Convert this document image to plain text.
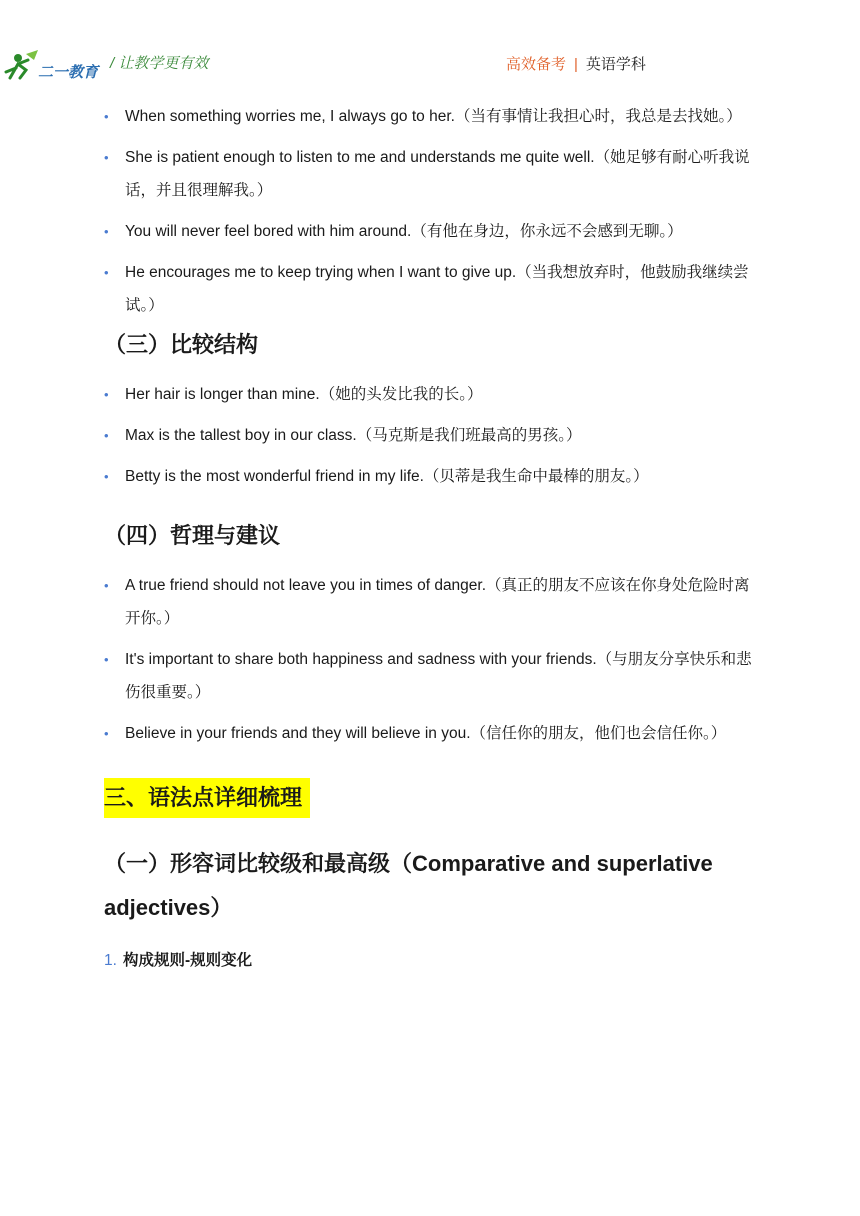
二一教育 / 让教学更有效	高效备考 | 英语学科
• When something worries me, I always go to her.（当有事情让我担心时，我总是去找她。）
• She is patient enough to listen to me and understands me quite well.（她足够有耐心听我说话，并且很理解我。）
• You will never feel bored with him around.（有他在身边，你永远不会感到无聊。）
• He encourages me to keep trying when I want to give up.（当我想放弃时，他鼓励我继续尝试。）
（三）比较结构
• Her hair is longer than mine.（她的头发比我的长。）
• Max is the tallest boy in our class.（马克斯是我们班最高的男孩。）
• Betty is the most wonderful friend in my life.（贝蒂是我生命中最棒的朋友。）
（四）哲理与建议
• A true friend should not leave you in times of danger.（真正的朋友不应该在你身处危险时离开你。）
• It's important to share both happiness and sadness with your friends.（与朋友分享快乐和悲伤很重要。）
• Believe in your friends and they will believe in you.（信任你的朋友，他们也会信任你。）
三、语法点详细梳理
（一）形容词比较级和最高级（Comparative and superlative adjectives）
1. 构成规则-规则变化
